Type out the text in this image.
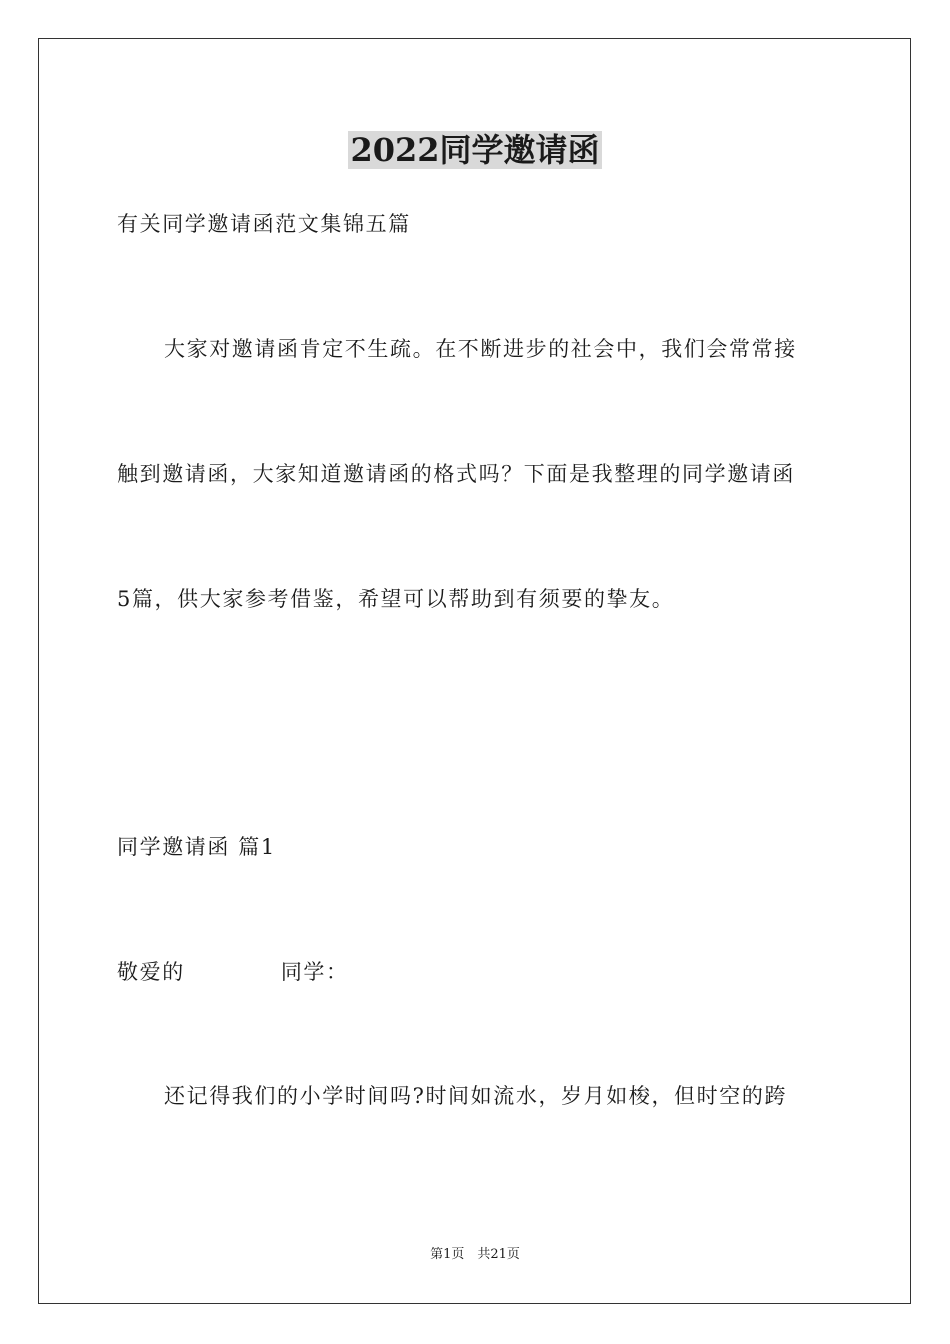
2022同学邀请函
有关同学邀请函范文集锦五篇
大家对邀请函肯定不生疏。在不断进步的社会中，我们会常常接
触到邀请函，大家知道邀请函的格式吗？下面是我整理的同学邀请函
5篇，供大家参考借鉴，希望可以帮助到有须要的挚友。
同学邀请函 篇1
敬爱的	同学：
还记得我们的小学时间吗?时间如流水，岁月如梭，但时空的跨
第1页　共21页
